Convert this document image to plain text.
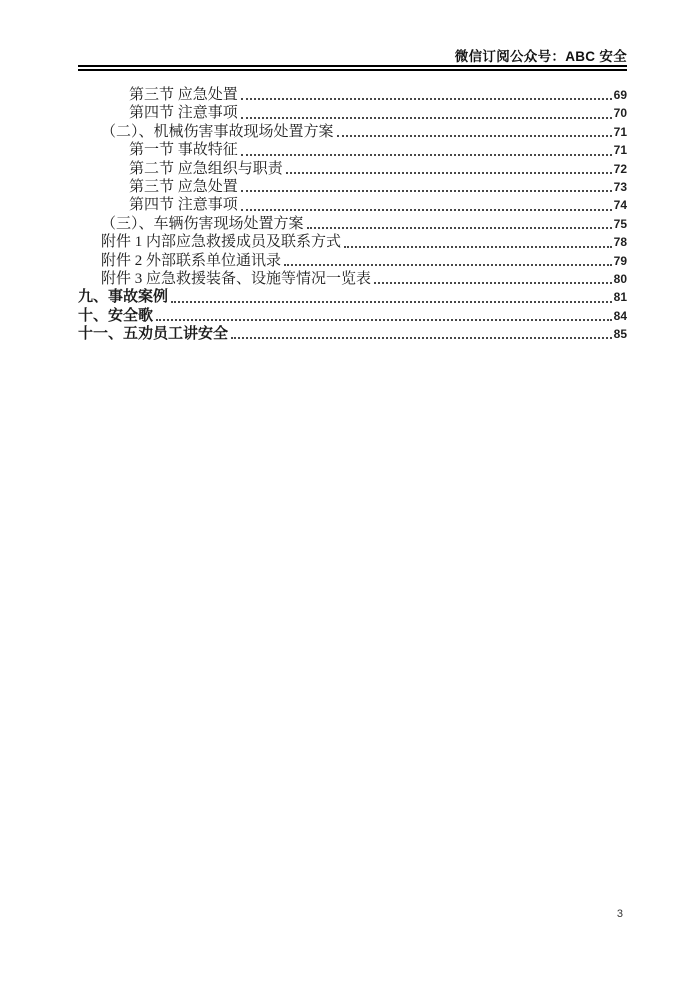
微信订阅公众号：ABC 安全
第三节 应急处置	69
第四节 注意事项	70
（二）、机械伤害事故现场处置方案	71
第一节 事故特征	71
第二节 应急组织与职责	72
第三节 应急处置	73
第四节 注意事项	74
（三）、车辆伤害现场处置方案	75
附件 1 内部应急救援成员及联系方式	78
附件 2 外部联系单位通讯录	79
附件 3 应急救援装备、设施等情况一览表	80
九、事故案例	81
十、安全歌	84
十一、五劝员工讲安全	85
3
